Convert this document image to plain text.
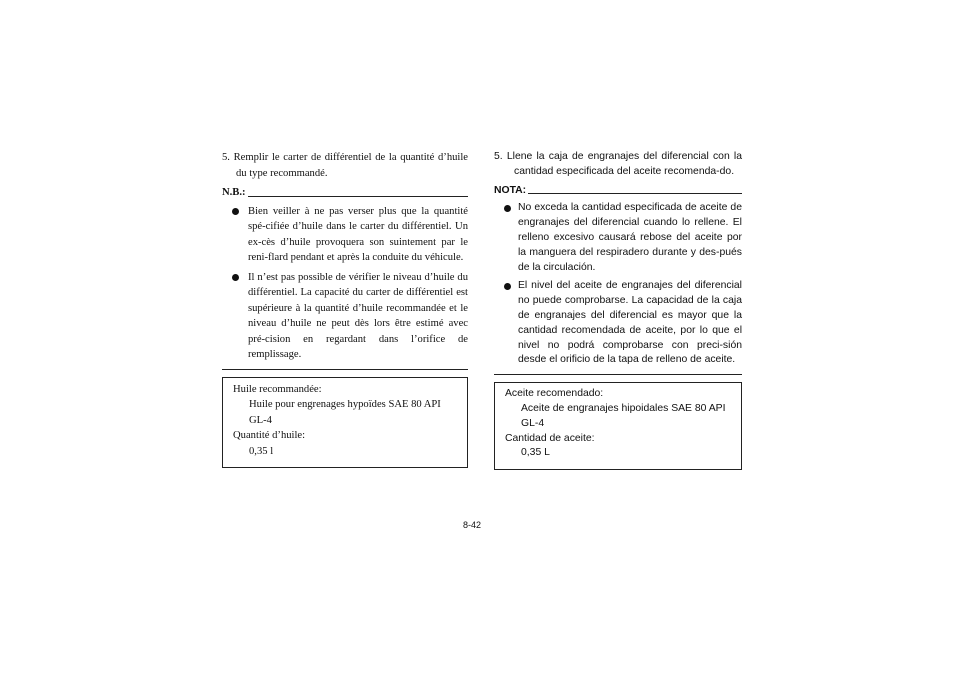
5. Remplir le carter de différentiel de la quantité d’huile du type recommandé.

N.B.:
Bien veiller à ne pas verser plus que la quantité spé-cifiée d’huile dans le carter du différentiel. Un ex-cès d’huile provoquera son suintement par le reni-flard pendant et après la conduite du véhicule.
Il n’est pas possible de vérifier le niveau d’huile du différentiel. La capacité du carter de différentiel est supérieure à la quantité d’huile recommandée et le niveau d’huile ne peut dès lors être estimé avec pré-cision en regardant dans l’orifice de remplissage.

Huile recommandée:

Huile pour engrenages hypoïdes SAE 80 API GL-4

Quantité d’huile:

0,35 l

5. Llene la caja de engranajes del diferencial con la cantidad especificada del aceite recomenda-do.

NOTA:
No exceda la cantidad especificada de aceite de engranajes del diferencial cuando lo rellene. El relleno excesivo causará rebose del aceite por la manguera del respiradero durante y des-pués de la circulación.
El nivel del aceite de engranajes del diferencial no puede comprobarse. La capacidad de la caja de engranajes del diferencial es mayor que la cantidad recomendada de aceite, por lo que el nivel no podrá comprobarse con preci-sión desde el orificio de la tapa de relleno de aceite.

Aceite recomendado:

Aceite de engranajes hipoidales SAE 80 API GL-4

Cantidad de aceite:

0,35 L

8-42
